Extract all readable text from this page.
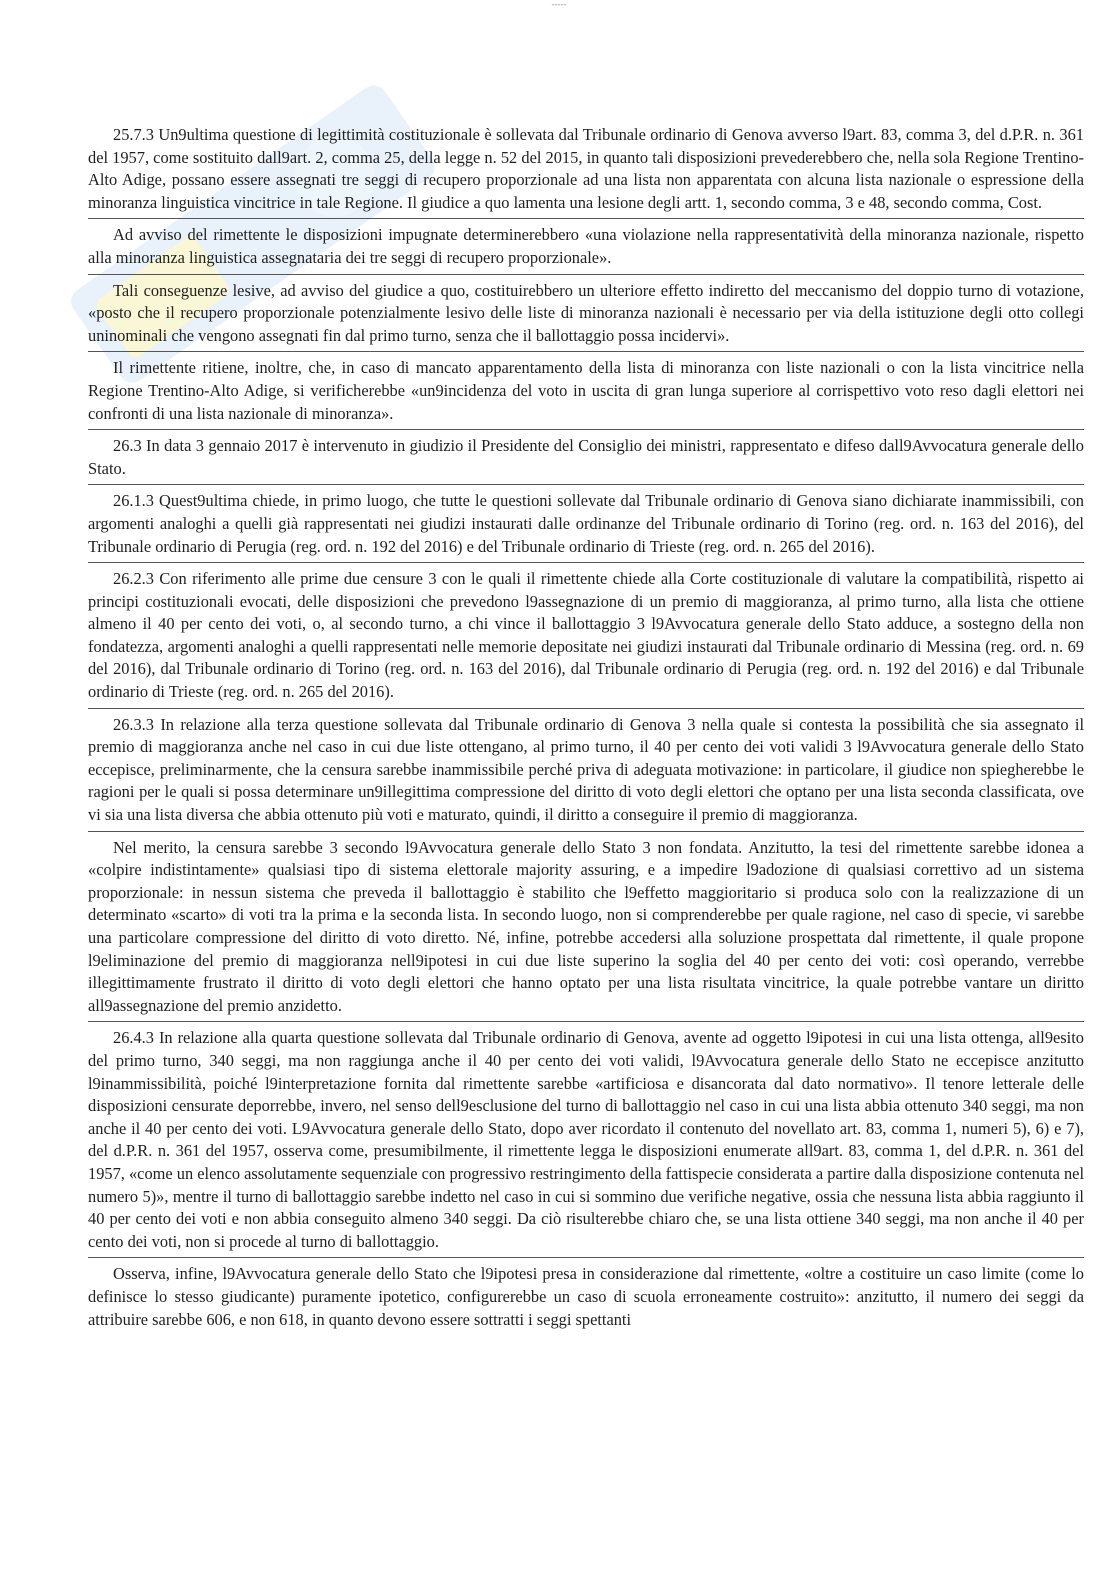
-----

25.7.3 Un9ultima questione di legittimità costituzionale è sollevata dal Tribunale ordinario di Genova avverso l9art. 83, comma 3, del d.P.R. n. 361 del 1957, come sostituito dall9art. 2, comma 25, della legge n. 52 del 2015, in quanto tali disposizioni prevederebbero che, nella sola Regione Trentino-Alto Adige, possano essere assegnati tre seggi di recupero proporzionale ad una lista non apparentata con alcuna lista nazionale o espressione della minoranza linguistica vincitrice in tale Regione. Il giudice a quo lamenta una lesione degli artt. 1, secondo comma, 3 e 48, secondo comma, Cost.

Ad avviso del rimettente le disposizioni impugnate determinerebbero «una violazione nella rappresentatività della minoranza nazionale, rispetto alla minoranza linguistica assegnataria dei tre seggi di recupero proporzionale».

Tali conseguenze lesive, ad avviso del giudice a quo, costituirebbero un ulteriore effetto indiretto del meccanismo del doppio turno di votazione, «posto che il recupero proporzionale potenzialmente lesivo delle liste di minoranza nazionali è necessario per via della istituzione degli otto collegi uninominali che vengono assegnati fin dal primo turno, senza che il ballottaggio possa incidervi».

Il rimettente ritiene, inoltre, che, in caso di mancato apparentamento della lista di minoranza con liste nazionali o con la lista vincitrice nella Regione Trentino-Alto Adige, si verificherebbe «un9incidenza del voto in uscita di gran lunga superiore al corrispettivo voto reso dagli elettori nei confronti di una lista nazionale di minoranza».

26.3 In data 3 gennaio 2017 è intervenuto in giudizio il Presidente del Consiglio dei ministri, rappresentato e difeso dall9Avvocatura generale dello Stato.

26.1.3 Quest9ultima chiede, in primo luogo, che tutte le questioni sollevate dal Tribunale ordinario di Genova siano dichiarate inammissibili, con argomenti analoghi a quelli già rappresentati nei giudizi instaurati dalle ordinanze del Tribunale ordinario di Torino (reg. ord. n. 163 del 2016), del Tribunale ordinario di Perugia (reg. ord. n. 192 del 2016) e del Tribunale ordinario di Trieste (reg. ord. n. 265 del 2016).

26.2.3 Con riferimento alle prime due censure 3 con le quali il rimettente chiede alla Corte costituzionale di valutare la compatibilità, rispetto ai principi costituzionali evocati, delle disposizioni che prevedono l9assegnazione di un premio di maggioranza, al primo turno, alla lista che ottiene almeno il 40 per cento dei voti, o, al secondo turno, a chi vince il ballottaggio 3 l9Avvocatura generale dello Stato adduce, a sostegno della non fondatezza, argomenti analoghi a quelli rappresentati nelle memorie depositate nei giudizi instaurati dal Tribunale ordinario di Messina (reg. ord. n. 69 del 2016), dal Tribunale ordinario di Torino (reg. ord. n. 163 del 2016), dal Tribunale ordinario di Perugia (reg. ord. n. 192 del 2016) e dal Tribunale ordinario di Trieste (reg. ord. n. 265 del 2016).

26.3.3 In relazione alla terza questione sollevata dal Tribunale ordinario di Genova 3 nella quale si contesta la possibilità che sia assegnato il premio di maggioranza anche nel caso in cui due liste ottengano, al primo turno, il 40 per cento dei voti validi 3 l9Avvocatura generale dello Stato eccepisce, preliminarmente, che la censura sarebbe inammissibile perché priva di adeguata motivazione: in particolare, il giudice non spiegherebbe le ragioni per le quali si possa determinare un9illegittima compressione del diritto di voto degli elettori che optano per una lista seconda classificata, ove vi sia una lista diversa che abbia ottenuto più voti e maturato, quindi, il diritto a conseguire il premio di maggioranza.

Nel merito, la censura sarebbe 3 secondo l9Avvocatura generale dello Stato 3 non fondata. Anzitutto, la tesi del rimettente sarebbe idonea a «colpire indistintamente» qualsiasi tipo di sistema elettorale majority assuring, e a impedire l9adozione di qualsiasi correttivo ad un sistema proporzionale: in nessun sistema che preveda il ballottaggio è stabilito che l9effetto maggioritario si produca solo con la realizzazione di un determinato «scarto» di voti tra la prima e la seconda lista. In secondo luogo, non si comprenderebbe per quale ragione, nel caso di specie, vi sarebbe una particolare compressione del diritto di voto diretto. Né, infine, potrebbe accedersi alla soluzione prospettata dal rimettente, il quale propone l9eliminazione del premio di maggioranza nell9ipotesi in cui due liste superino la soglia del 40 per cento dei voti: così operando, verrebbe illegittimamente frustrato il diritto di voto degli elettori che hanno optato per una lista risultata vincitrice, la quale potrebbe vantare un diritto all9assegnazione del premio anzidetto.

26.4.3 In relazione alla quarta questione sollevata dal Tribunale ordinario di Genova, avente ad oggetto l9ipotesi in cui una lista ottenga, all9esito del primo turno, 340 seggi, ma non raggiunga anche il 40 per cento dei voti validi, l9Avvocatura generale dello Stato ne eccepisce anzitutto l9inammissibilità, poiché l9interpretazione fornita dal rimettente sarebbe «artificiosa e disancorata dal dato normativo». Il tenore letterale delle disposizioni censurate deporrebbe, invero, nel senso dell9esclusione del turno di ballottaggio nel caso in cui una lista abbia ottenuto 340 seggi, ma non anche il 40 per cento dei voti. L9Avvocatura generale dello Stato, dopo aver ricordato il contenuto del novellato art. 83, comma 1, numeri 5), 6) e 7), del d.P.R. n. 361 del 1957, osserva come, presumibilmente, il rimettente legga le disposizioni enumerate all9art. 83, comma 1, del d.P.R. n. 361 del 1957, «come un elenco assolutamente sequenziale con progressivo restringimento della fattispecie considerata a partire dalla disposizione contenuta nel numero 5)», mentre il turno di ballottaggio sarebbe indetto nel caso in cui si sommino due verifiche negative, ossia che nessuna lista abbia raggiunto il 40 per cento dei voti e non abbia conseguito almeno 340 seggi. Da ciò risulterebbe chiaro che, se una lista ottiene 340 seggi, ma non anche il 40 per cento dei voti, non si procede al turno di ballottaggio.

Osserva, infine, l9Avvocatura generale dello Stato che l9ipotesi presa in considerazione dal rimettente, «oltre a costituire un caso limite (come lo definisce lo stesso giudicante) puramente ipotetico, configurerebbe un caso di scuola erroneamente costruito»: anzitutto, il numero dei seggi da attribuire sarebbe 606, e non 618, in quanto devono essere sottratti i seggi spettanti
